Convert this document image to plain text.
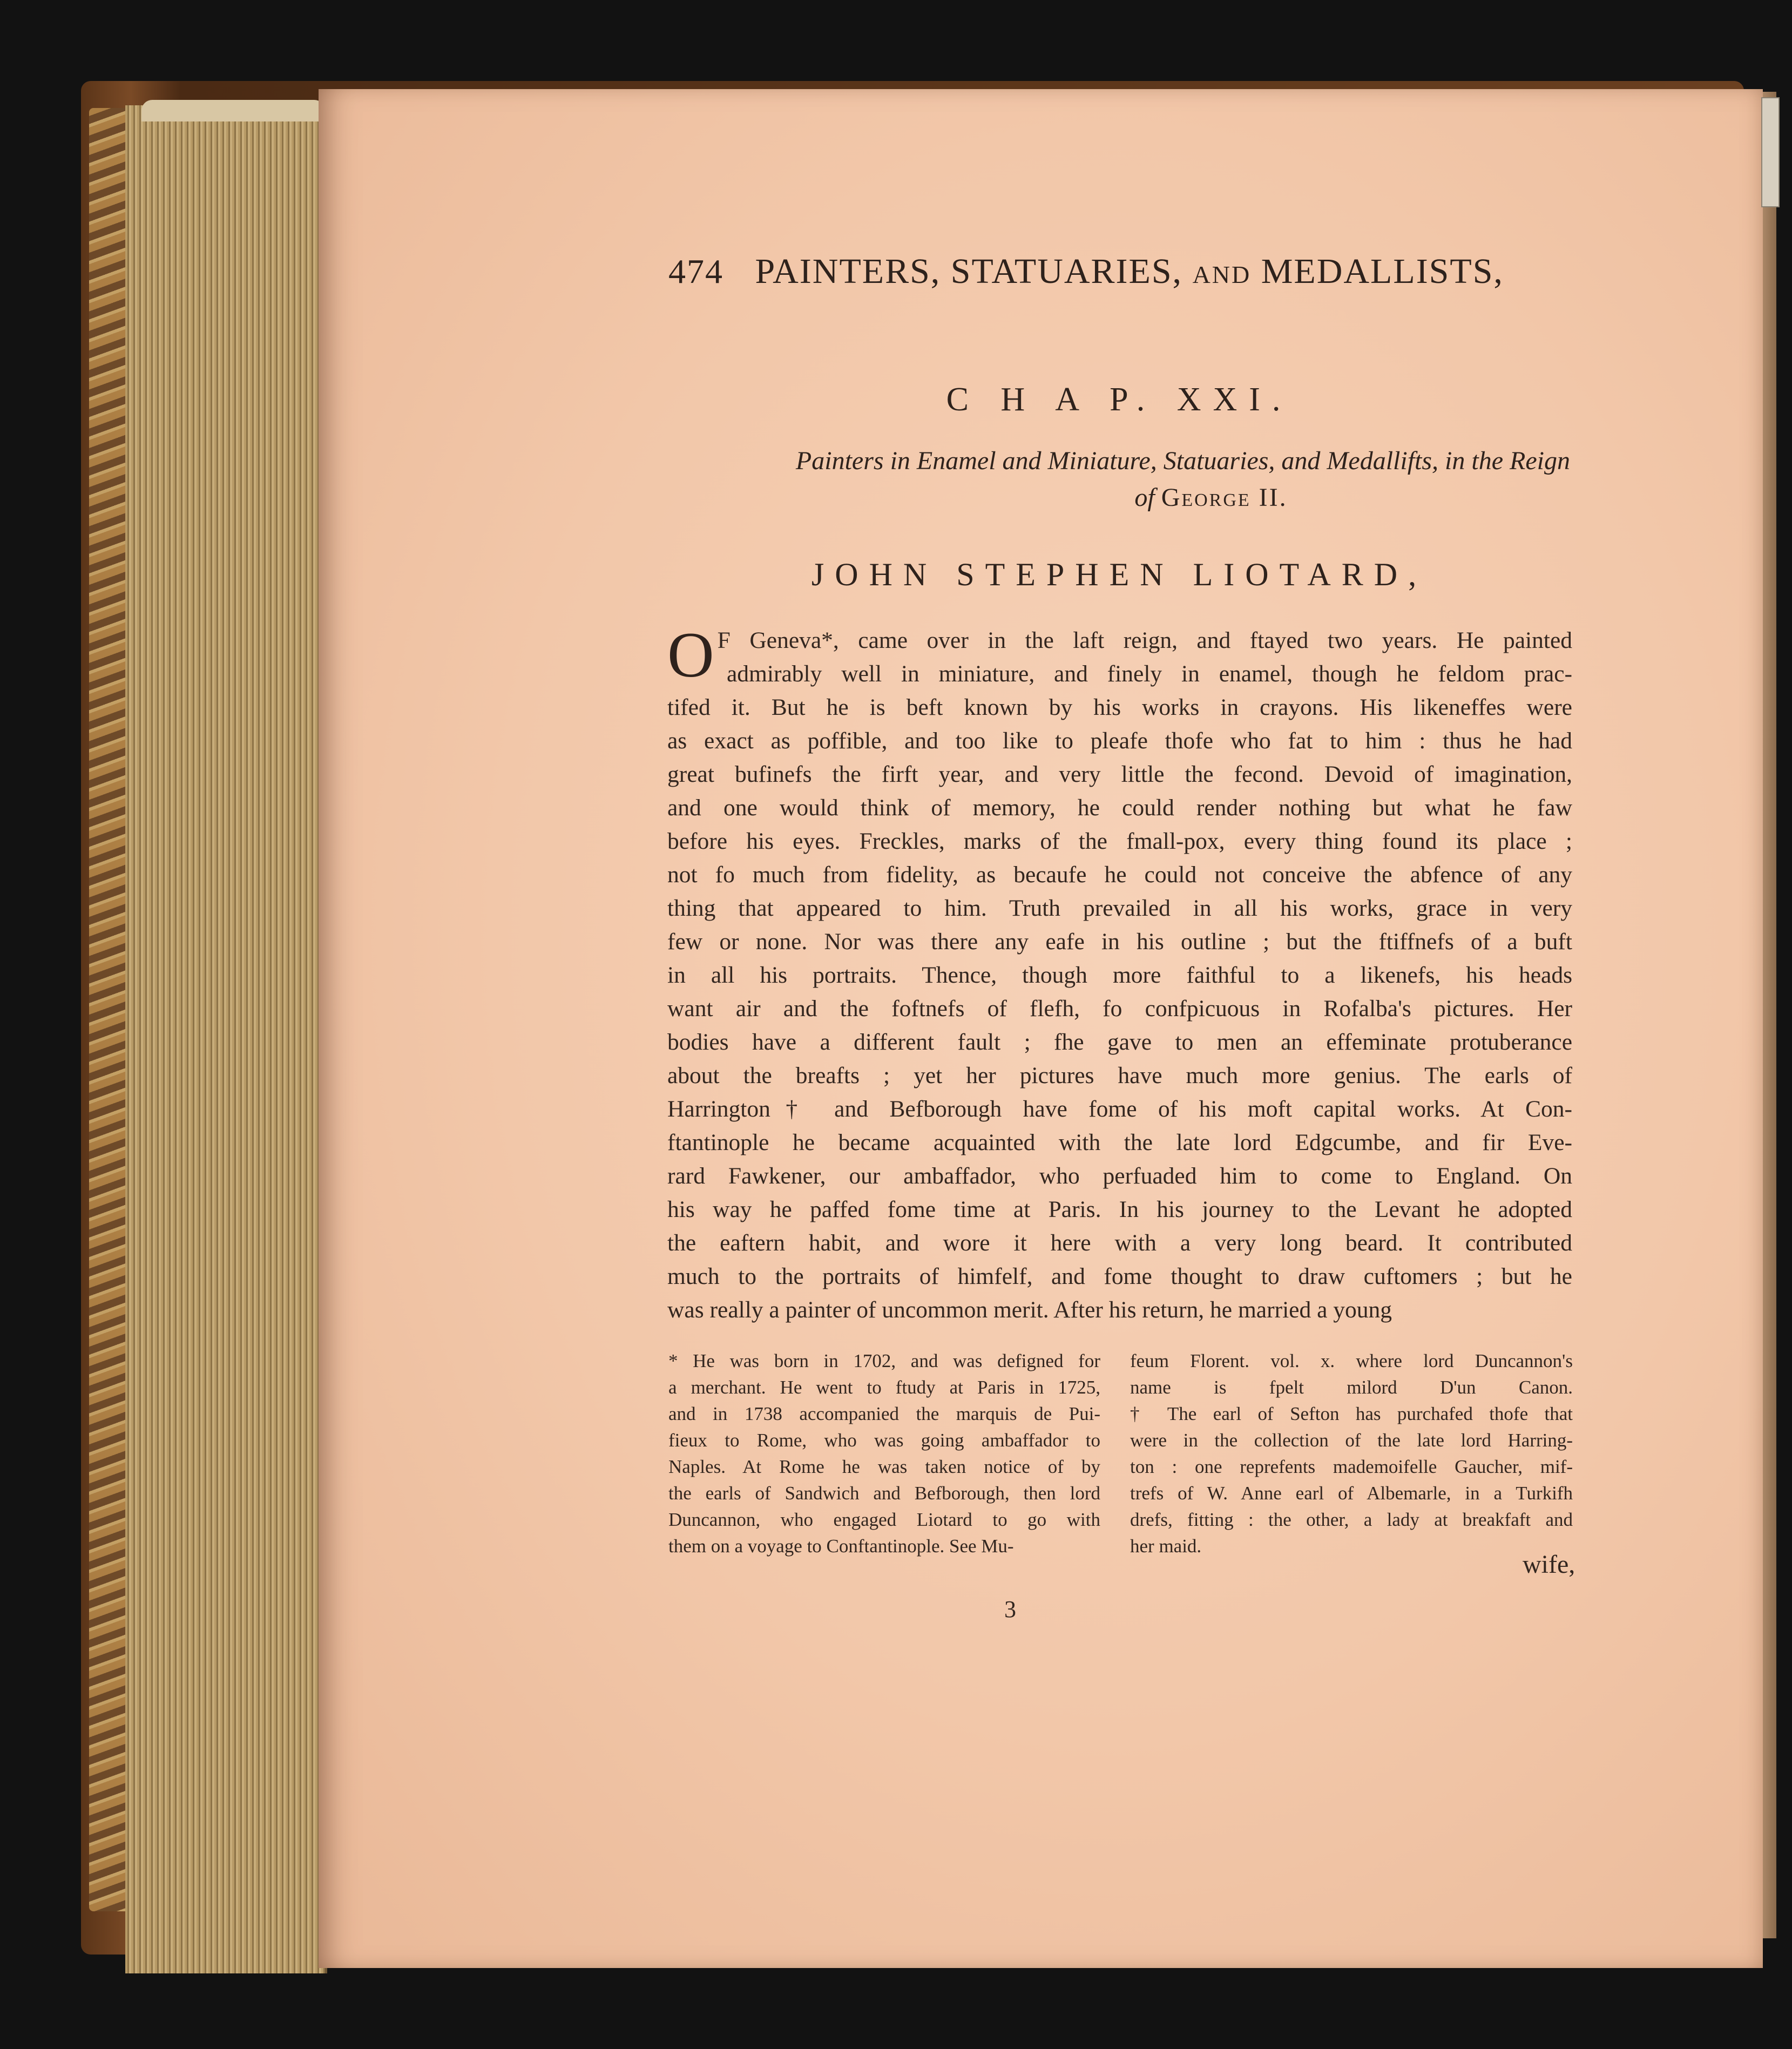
474 PAINTERS, STATUARIES, AND MEDALLISTS,
C H A P. XXI.
Painters in Enamel and Miniature, Statuaries, and Medallifts, in the Reign
of George II.
JOHN STEPHEN LIOTARD,
O F Geneva*, came over in the laft reign, and ftayed two years. He painted
admirably well in miniature, and finely in enamel, though he feldom prac-
tifed it. But he is beft known by his works in crayons. His likeneffes were
as exact as poffible, and too like to pleafe thofe who fat to him : thus he had
great bufinefs the firft year, and very little the fecond. Devoid of imagination,
and one would think of memory, he could render nothing but what he faw
before his eyes. Freckles, marks of the fmall-pox, every thing found its place ;
not fo much from fidelity, as becaufe he could not conceive the abfence of any
thing that appeared to him. Truth prevailed in all his works, grace in very
few or none. Nor was there any eafe in his outline ; but the ftiffnefs of a buft
in all his portraits. Thence, though more faithful to a likenefs, his heads
want air and the foftnefs of flefh, fo confpicuous in Rofalba's pictures. Her
bodies have a different fault ; fhe gave to men an effeminate protuberance
about the breafts ; yet her pictures have much more genius. The earls of
Harrington† and Befborough have fome of his moft capital works. At Con-
ftantinople he became acquainted with the late lord Edgcumbe, and fir Eve-
rard Fawkener, our ambaffador, who perfuaded him to come to England. On
his way he paffed fome time at Paris. In his journey to the Levant he adopted
the eaftern habit, and wore it here with a very long beard. It contributed
much to the portraits of himfelf, and fome thought to draw cuftomers ; but he
was really a painter of uncommon merit. After his return, he married a young
* He was born in 1702, and was defigned for
a merchant. He went to ftudy at Paris in 1725,
and in 1738 accompanied the marquis de Pui-
fieux to Rome, who was going ambaffador to
Naples. At Rome he was taken notice of by
the earls of Sandwich and Befborough, then lord
Duncannon, who engaged Liotard to go with
them on a voyage to Conftantinople. See Mu-
feum Florent. vol. x. where lord Duncannon's
name is fpelt milord D'un Canon.
† The earl of Sefton has purchafed thofe that
were in the collection of the late lord Harring-
ton : one reprefents mademoifelle Gaucher, mif-
trefs of W. Anne earl of Albemarle, in a Turkifh
drefs, fitting : the other, a lady at breakfaft and
her maid.
3
wife,
